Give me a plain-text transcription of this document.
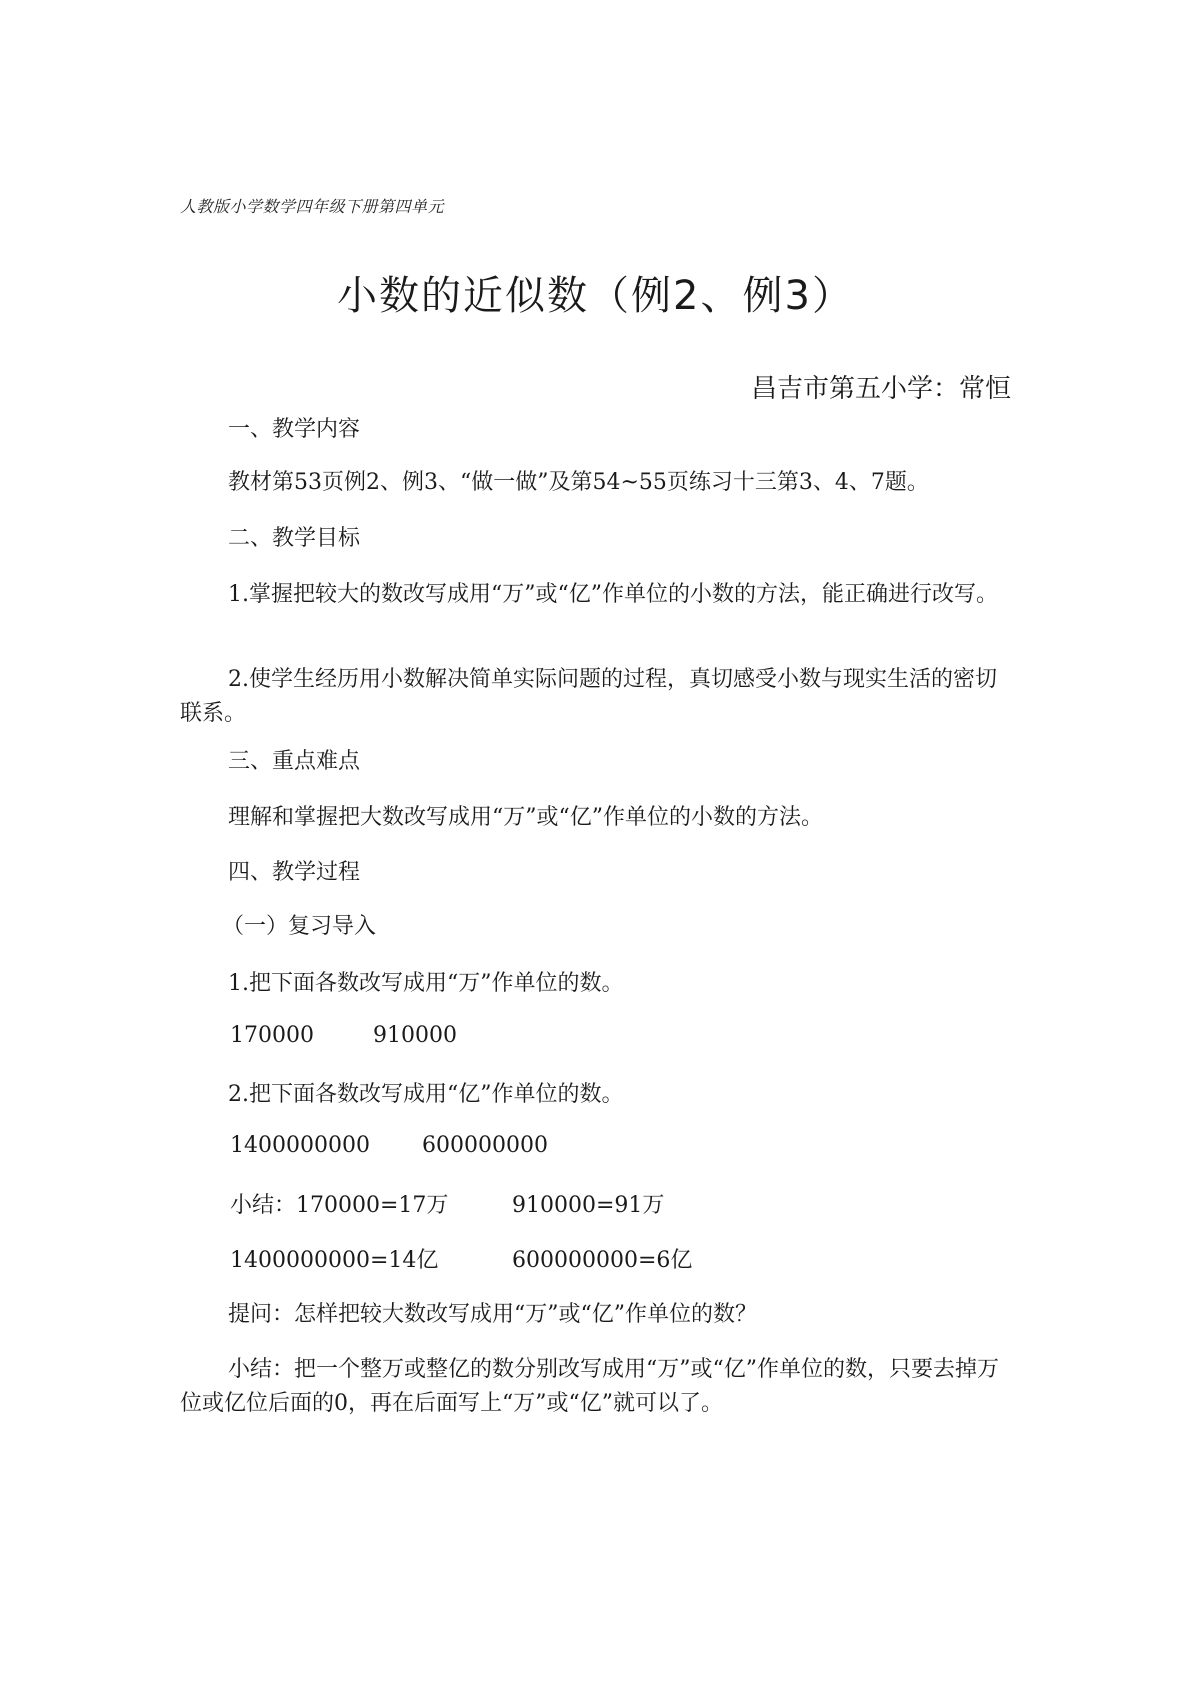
人教版小学数学四年级下册第四单元
小数的近似数（例2、例3）
昌吉市第五小学：常恒
一、教学内容
教材第53页例2、例3、“做一做”及第54~55页练习十三第3、4、7题。
二、教学目标
1.掌握把较大的数改写成用“万”或“亿”作单位的小数的方法，能正确进行改写。
2.使学生经历用小数解决简单实际问题的过程，真切感受小数与现实生活的密切联系。
三、重点难点
理解和掌握把大数改写成用“万”或“亿”作单位的小数的方法。
四、教学过程
（一）复习导入
1.把下面各数改写成用“万”作单位的数。
170000	910000
2.把下面各数改写成用“亿”作单位的数。
1400000000 600000000
小结：170000=17万	910000=91万
1400000000=14亿	600000000=6亿
提问：怎样把较大数改写成用“万”或“亿”作单位的数？
小结：把一个整万或整亿的数分别改写成用“万”或“亿”作单位的数，只要去掉万位或亿位后面的0，再在后面写上“万”或“亿”就可以了。
